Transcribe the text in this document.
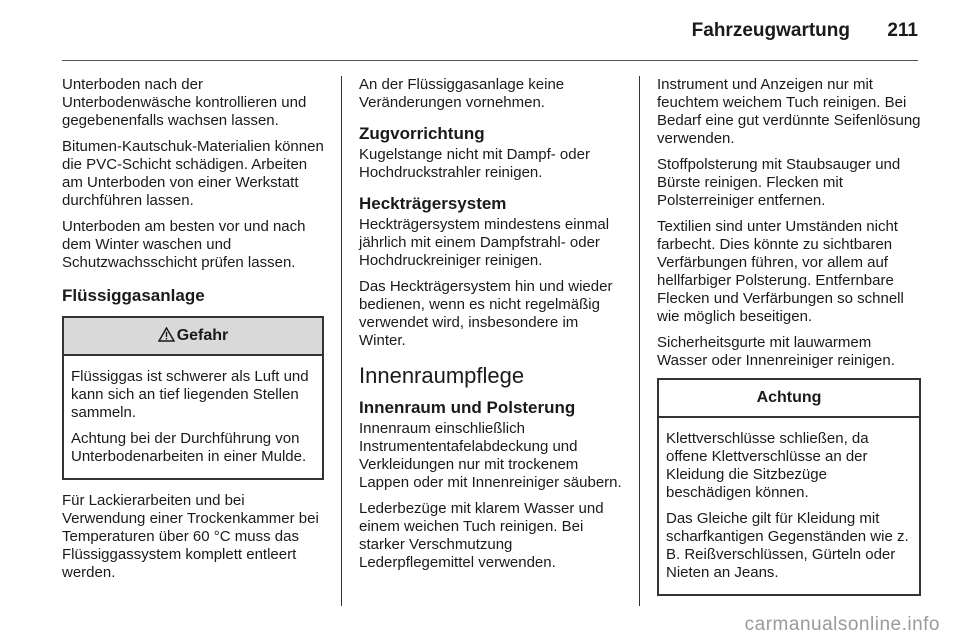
Fahrzeugwartung 211

Unterboden nach der Unterbodenwäsche kontrollieren und gegebenenfalls wachsen lassen.

Bitumen-Kautschuk-Materialien können die PVC-Schicht schädigen. Arbeiten am Unterboden von einer Werkstatt durchführen lassen.

Unterboden am besten vor und nach dem Winter waschen und Schutzwachsschicht prüfen lassen.

Flüssiggasanlage
Gefahr

Flüssiggas ist schwerer als Luft und kann sich an tief liegenden Stellen sammeln.

Achtung bei der Durchführung von Unterbodenarbeiten in einer Mulde.

Für Lackierarbeiten und bei Verwendung einer Trockenkammer bei Temperaturen über 60 °C muss das Flüssiggassystem komplett entleert werden.

An der Flüssiggasanlage keine Veränderungen vornehmen.

Zugvorrichtung

Kugelstange nicht mit Dampf- oder Hochdruckstrahler reinigen.

Heckträgersystem

Heckträgersystem mindestens einmal jährlich mit einem Dampfstrahl- oder Hochdruckreiniger reinigen.

Das Heckträgersystem hin und wieder bedienen, wenn es nicht regelmäßig verwendet wird, insbesondere im Winter.

Innenraumpflege
Innenraum und Polsterung

Innenraum einschließlich Instrumententafelabdeckung und Verkleidungen nur mit trockenem Lappen oder mit Innenreiniger säubern.

Lederbezüge mit klarem Wasser und einem weichen Tuch reinigen. Bei starker Verschmutzung Lederpflegemittel verwenden.

Instrument und Anzeigen nur mit feuchtem weichem Tuch reinigen. Bei Bedarf eine gut verdünnte Seifenlösung verwenden.

Stoffpolsterung mit Staubsauger und Bürste reinigen. Flecken mit Polsterreiniger entfernen.

Textilien sind unter Umständen nicht farbecht. Dies könnte zu sichtbaren Verfärbungen führen, vor allem auf hellfarbiger Polsterung. Entfernbare Flecken und Verfärbungen so schnell wie möglich beseitigen.

Sicherheitsgurte mit lauwarmem Wasser oder Innenreiniger reinigen.

Achtung

Klettverschlüsse schließen, da offene Klettverschlüsse an der Kleidung die Sitzbezüge beschädigen können.

Das Gleiche gilt für Kleidung mit scharfkantigen Gegenständen wie z. B. Reißverschlüssen, Gürteln oder Nieten an Jeans.

carmanualsonline.info
